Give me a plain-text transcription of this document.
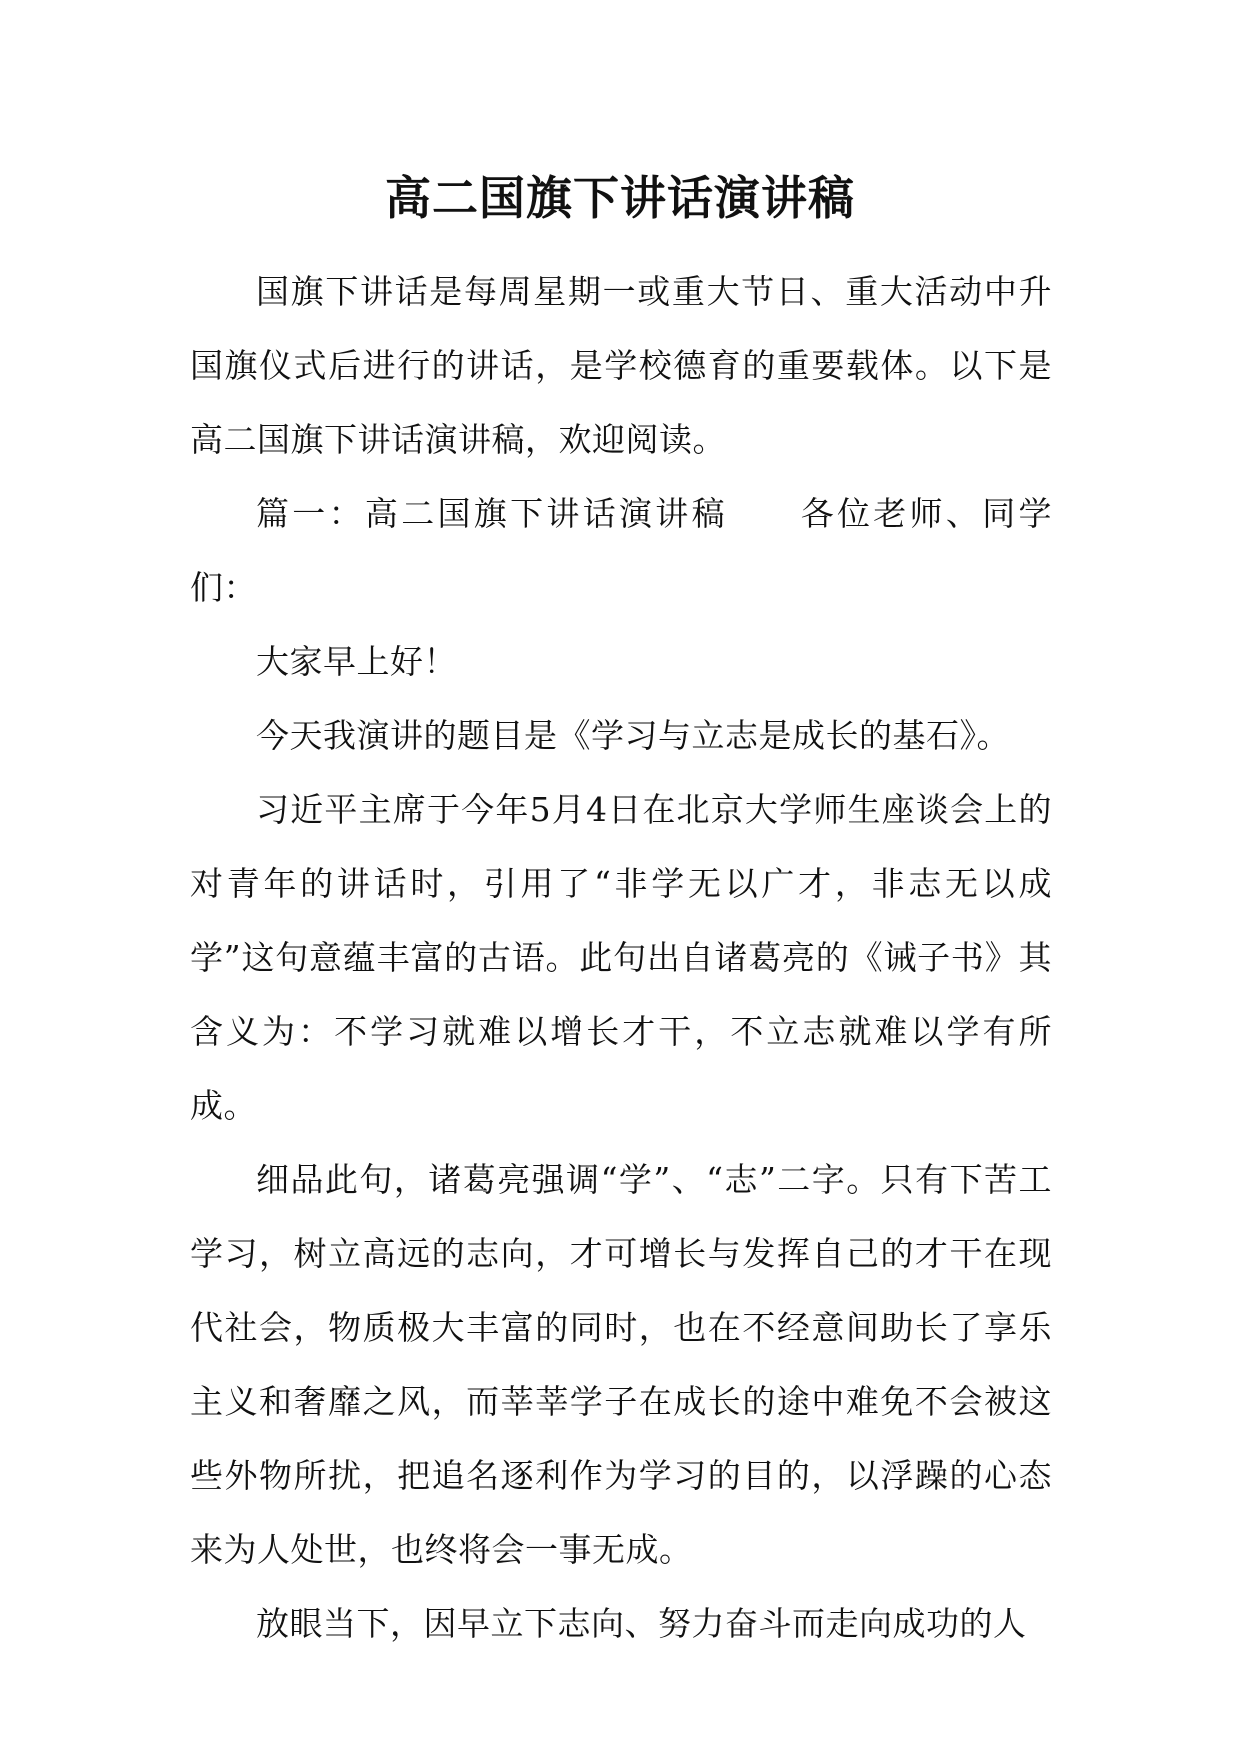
高二国旗下讲话演讲稿

国旗下讲话是每周星期一或重大节日、重大活动中升国旗仪式后进行的讲话，是学校德育的重要载体。以下是高二国旗下讲话演讲稿，欢迎阅读。

篇一：高二国旗下讲话演讲稿 各位老师、同学们：

大家早上好！

今天我演讲的题目是《学习与立志是成长的基石》。

习近平主席于今年5月4日在北京大学师生座谈会上的对青年的讲话时，引用了“非学无以广才，非志无以成学”这句意蕴丰富的古语。此句出自诸葛亮的《诫子书》其含义为：不学习就难以增长才干，不立志就难以学有所成。

细品此句，诸葛亮强调“学”、“志”二字。只有下苦工学习，树立高远的志向，才可增长与发挥自己的才干在现代社会，物质极大丰富的同时，也在不经意间助长了享乐主义和奢靡之风，而莘莘学子在成长的途中难免不会被这些外物所扰，把追名逐利作为学习的目的，以浮躁的心态来为人处世，也终将会一事无成。

放眼当下，因早立下志向、努力奋斗而走向成功的人
